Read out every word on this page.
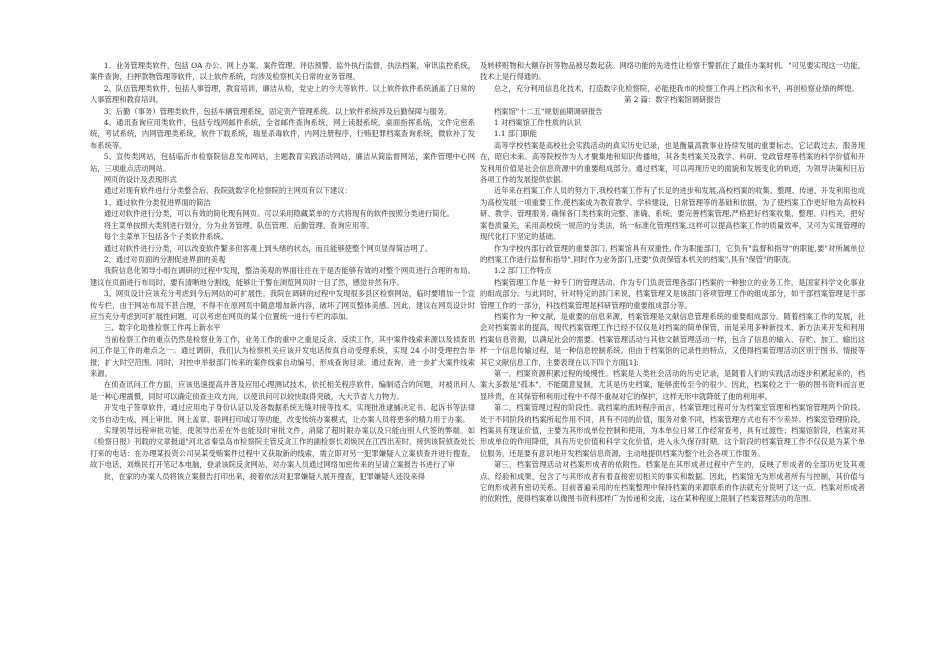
1、业务管理类软件，包括 OA 办公、网上办案、案件管理、评估预警、监外执行监督，执法档案，审讯监控系统，案件查询，扫押款物管理等软件，以上软件系统，均涉及检察机关日常的业务管理。

2、队伍管理类软件，包括人事管理，教育培训，廉洁从检，党史上的今天等软件。以上软件软件系统涵盖了日常的人事管理和教育培训。

3、后勤（事务）管理类软件，包括车辆管理系统，固定资产管理系统。以上软件系统涉及后勤保障与服务。

4、通讯查询应用类软件，包括专线网邮件系统，全省邮件查询系统，网上读报系统，桌面指挥系统，文件定密系统，考试系统，内网管理类系统，软件下载系统，瑞星杀毒软件，内网注册程序，行贿犯罪档案查询系统，微软补丁发布系统等。

5、宣传类网站，包括临沂市检察院信息发布网站，主题教育实践活动网站，廉洁从简监督网站，案件管理中心网站，三项重点活动网站。

网页的设计及表现形式

通过对现有软件进行分类整合后，我院就数字化检察院的主网页有以下建议：

1、通过软件分类促进界面的简洁

通过对软件进行分类，可以有效的简化现有网页。可以采用隐藏菜单的方式将现有的软件按照分类进行简化。

将主菜单按照大类别进行划分，分为业务管理、队伍管理、后勤管理、查询应用等。

每个主菜单下包括各个子类软件系统。

通过对软件进行分类，可以改变软件繁多但客观上到头绪的状态，而且能够使整个网页显得简洁明了。

2、通过对页面的分割促进界面的美观

我院信息化领导小组在调研的过程中发现，整洁美观的界面往往在于是否能够有效的对整个网页进行合理的布局。建议在页面进行布局时，要有清晰地分割线，能够让于警在浏览网页时一目了然，感觉井然有序。

3、网页设计应该充分考虑到今后网站的可扩展性。我院在调研的过程中发现很多县区检察网站，临时要增加一个宣传专栏，由于网站布局不甚合理，不得不在原网页中随意增加新内容，破坏了网页整体美感。因此，建议在网页设计时应当充分考虑到可扩展性问题，可以考虑在网页的某个位置统一进行专栏的添加。

三、数字化助推检察工作再上新水平

当前检察工作的重点仍然是检察业务工作，业务工作的重中之重是反贪、反渎工作，其中案件线索来源以及侦查讯问工作是工作的难点之一。通过调研，我们认为检察机关应该开发电话传真自动受理系统，实现 24 小时受理控告举报，扩大时空范围。同时，对控申举报部门传来的案件线索自动编号，形成查询目录。通过查询，进一步扩大案件线索来源。

在侦查讯问工作方面，应该迅速提高并普及应用心理测试技术，依托相关程序软件，编制适合的问题，对被讯问人是一种心理震慑，同时可以确定侦查主攻方向，以使讯问可以较快取得突破，大大节省人力物力。

开发电子签章软件，通过应用电子身份认证以及各数据系统无缝对接等技术，实现批准逮捕决定书、起诉书等法律文书自动生成、网上审批、网上盖章、联网打印或订等功能，改变传统办案模式，让办案人员将更多的精力用于办案。

实现领导远程审批功能，使领导出差在外也能及时审批文件，消除了超时限办案以及只能由别人代签的弊端。如《检察日报》刊载的文章报道"河北省秦皇岛市检察院主管反贪工作的副检察长刘焕民在江西出差时，接到该院侦查处长打来的电话：在办理某投资公司吴某受贿案件过程中又获取新的线索，需立即对另一犯罪嫌疑人立案侦查并进行搜查，故下电话，刘焕民打开笔记本电脑，登录该院反贪网站，对办案人员通过网络加密传来的呈请立案报告书进行了审

批，在家的办案人员将该立案报告打印出来，接着依法对犯罪嫌疑人展开搜查，犯罪嫌疑人还没来得

及转移赃物和大额存折等物品被尽数起获。网络功能的先进性让检察干警抓住了最佳办案时机。"可见要实现这一功能，技术上是行得通的。

总之，充分利用信息化技术，打造数字化检察院，必能使我市的检察工作再上档次和水平，再创检察业绩的辉煌。

第 2 篇：数字档案馆调研报告

档案馆"十二五"规划前期调研报告

1 对档案馆工作性质的认识

1.1 部门职能

高等学校档案是高校社会实践活动的真实历史记录，也是衡量高教事业持续发展的重要标志，它记载过去，服务现在，昭启未来。高等院校作为人才聚集地和知识传播地，其各类档案关及教学、科研、党政管理等档案的科学价值和开发利用价值是社会信息资源中的重要组成部分。通过档案，可以再现历史的面貌和发展变化的轨迹，为领导决策和日后各项工作的发展提供依据。

近年来在档案工作人员的努力下,我校档案工作有了长足的进步和发展,高校档案的收集、整理、传递、开发利用也成为高校发展一项重要工作,使档案成为教育教学、学科建设，日常管理等的基础和依据。为了使档案工作更好地为高校科研、教学、管理服务, 确保各门类档案的完整、准确、系统，要完善档案管理,严格把好档案收集、整理、归档关，把好案卷质量关，采用高校统一规范的分类法，统一标准化管理档案,这样可以提高档案工作的质量效率，又可为实现管理的现代化打下坚定的基础。

作为学校内部行政管理的重要部门, 档案馆具有双重性, 作为职能部门，它负有"监督和指导"的职能,要"对所属单位的档案工作进行监督和指导",同时作为业务部门,还要"负责保管本机关的档案",具有"保管"的职责。

1.2 部门工作特点

档案管理工作是一种专门的管理活动。作为专门负责管理各部门档案的一种独立的业务工作，是国家科学文化事业的组成部分。与此同时，针对特定的部门来说，档案管理又是该部门各项管理工作的组成部分，如干部档案管理是干部管理工作的一部分，科技档案管理是科研管理的重要组成部分等。

档案作为一种文献，是重要的信息来源，档案管理是文献信息管理系统的重要组成部分。随着档案工作的发展，社会对档案需求的提高，现代档案管理工作已经不仅仅是对档案的简单保管，而是采用多种新技术、新方法来开发和利用档案信息资源，以满足社会的需要。档案管理活动与其他文献管理活动一样，包含了信息的输入、存贮、加工、输出这样一个信息传输过程，是一种信息控制系统。但由于档案馆的记录性的特点，又使得档案管理活动区别于图书、情报等其它文献信息工作，主要表现在以下四个方面[1]:

第一，档案资源积累过程的缓慢性。档案是人类社会活动的历史记录，是随着人们的实践活动逐步积累起来的，档案大多数是"孤本"，不能随意复制，尤其是历史档案，能够流传至今的很少。因此，档案较之于一般的图书资料而言更显珍贵，在其保管和利用过程中不得不重视对它的保护，这样无形中就降低了他的利用率。

第二，档案管理过程的阶段性。就档案的流转程序而言，档案管理过程可分为档案室管理和档案馆管理两个阶段。处于不同阶段的档案所起作用不同，具有不同的价值，服务对象不同，档案管理方式也有不少差异。档案室管理阶段，档案具有现证价值，主要为其形成单位控制和使用，为本单位日常工作经常查考，具有过渡性；档案馆阶段，档案对其形成单位的作用降低，具有历史价值和科学文化价值，进入永久保存时期。这个阶段的档案管理工作不仅仅是为某个单位服务，还是要有意识地开发档案信息资源，主动地提供档案为整个社会各项工作服务。

第三，档案管理活动对档案形成者的依附性。档案是在其形成者过程中产生的，反映了形成者的全部历史及其观点、经验和成果，包含了与其形成者有着直接密切相关的事实和数据。因此，档案馆无为形成者所有与控制，其价值与它的形成者有密切关系。目前普遍采用的在档案整理中保持档案的来源联系的作法就充分说明了这一点。档案对形成者的依附性，使得档案难以像图书资料那样广为传递和交流，这在某种程度上限制了档案管理活动的范围。
